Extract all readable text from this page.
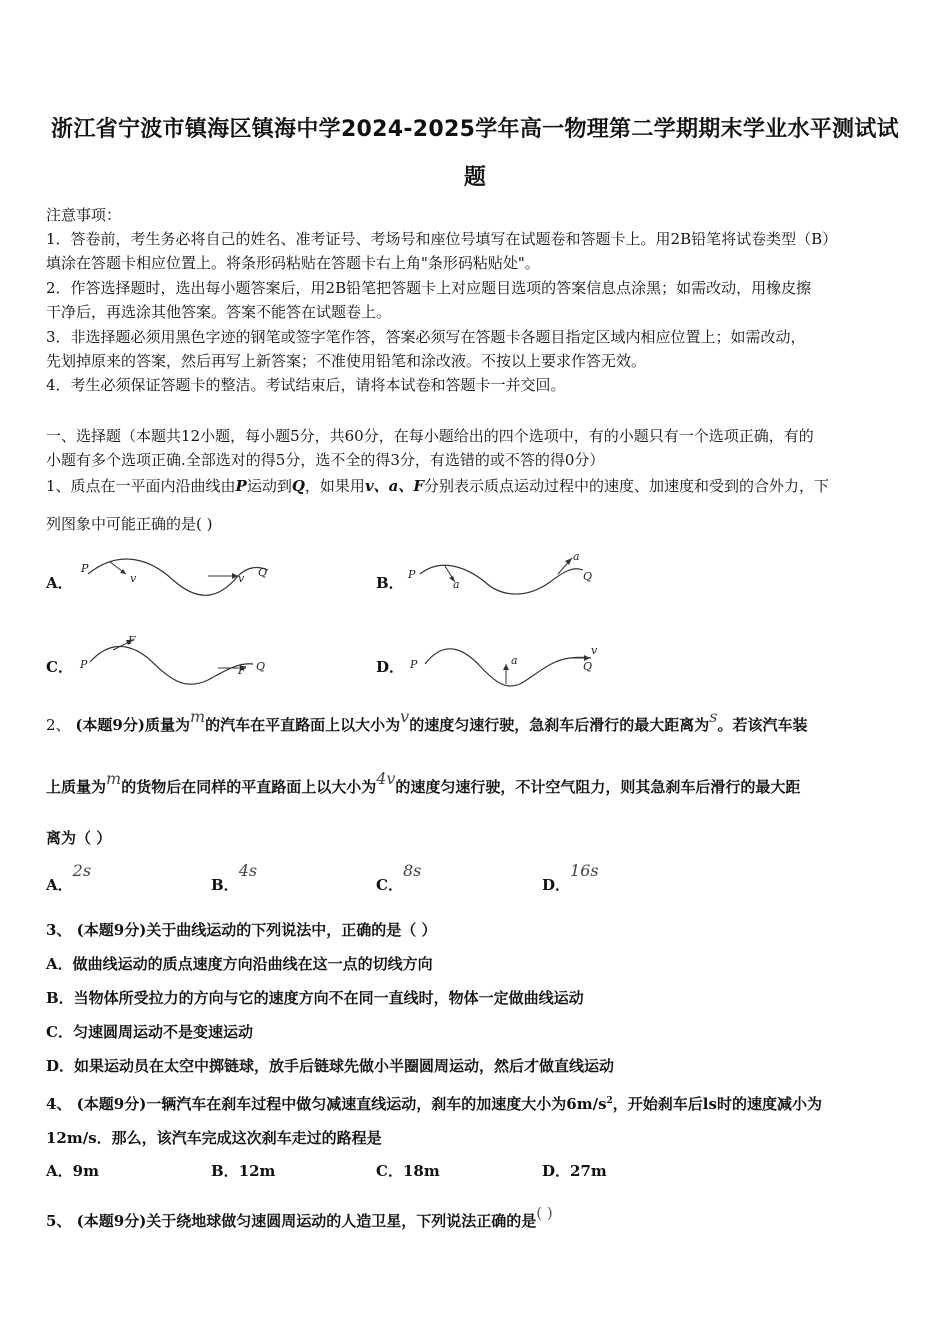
浙江省宁波市镇海区镇海中学2024-2025学年高一物理第二学期期末学业水平测试试
题
注意事项：
1．答卷前，考生务必将自己的姓名、准考证号、考场号和座位号填写在试题卷和答题卡上。用2B铅笔将试卷类型（B）
填涂在答题卡相应位置上。将条形码粘贴在答题卡右上角"条形码粘贴处"。
2．作答选择题时，选出每小题答案后，用2B铅笔把答题卡上对应题目选项的答案信息点涂黑；如需改动，用橡皮擦
干净后，再选涂其他答案。答案不能答在试题卷上。
3．非选择题必须用黑色字迹的钢笔或签字笔作答，答案必须写在答题卡各题目指定区域内相应位置上；如需改动，
先划掉原来的答案，然后再写上新答案；不准使用铅笔和涂改液。不按以上要求作答无效。
4．考生必须保证答题卡的整洁。考试结束后，请将本试卷和答题卡一并交回。
一、选择题（本题共12小题，每小题5分，共60分，在每小题给出的四个选项中，有的小题只有一个选项正确，有的
小题有多个选项正确.全部选对的得5分，选不全的得3分，有选错的或不答的得0分）
1、质点在一平面内沿曲线由P运动到Q，如果用v、a、F分别表示质点运动过程中的速度、加速度和受到的合外力，下
列图象中可能正确的是( )
A．
P
v	v Q
B． P
a
a
Q
C． P
F
F Q	D． P	a
v
Q
2、 (本题9分)质量为m的汽车在平直路面上以大小为v的速度匀速行驶，急刹车后滑行的最大距离为s。若该汽车装
上质量为m的货物后在同样的平直路面上以大小为4v的速度匀速行驶，不计空气阻力，则其急刹车后滑行的最大距
离为（ ）
A．2s
B．4s
C．8s
D．16s
3、 (本题9分)关于曲线运动的下列说法中，正确的是（ ）
A．做曲线运动的质点速度方向沿曲线在这一点的切线方向
B．当物体所受拉力的方向与它的速度方向不在同一直线时，物体一定做曲线运动
C．匀速圆周运动不是变速运动
D．如果运动员在太空中掷链球，放手后链球先做小半圈圆周运动，然后才做直线运动
4、 (本题9分)一辆汽车在刹车过程中做匀减速直线运动，刹车的加速度大小为$6m/s^2$，开始刹车后ls时的速度减小为
12m/s．那么，该汽车完成这次刹车走过的路程是
A．9m	B．12m	C．18m	D．27m
5、 (本题9分)关于绕地球做匀速圆周运动的人造卫星，下列说法正确的是( )
